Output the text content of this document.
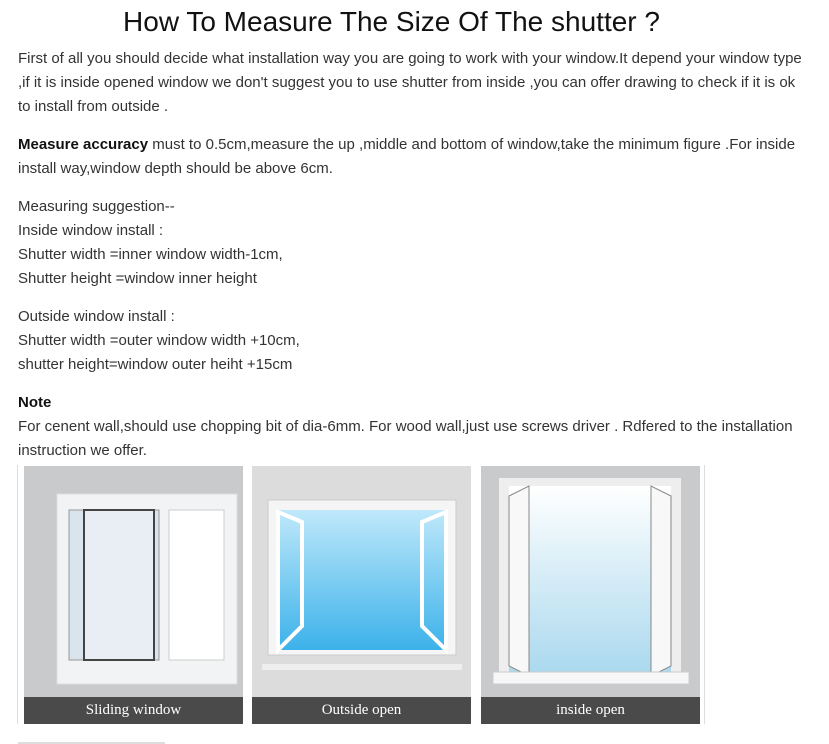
How To Measure The Size Of The shutter ?

First of all you should decide what installation way you are going to work with your window.It depend your window type ,if it is inside opened window we don't suggest you to use shutter from inside ,you can offer drawing to check if it is ok to install from outside .

Measure accuracy must to 0.5cm,measure the up ,middle and bottom of window,take the minimum figure .For inside install way,window depth should be above 6cm.

Measuring suggestion--
Inside window install :
Shutter width =inner window width-1cm,
Shutter height =window inner height
Outside window install :
Shutter width =outer window width +10cm,
shutter height=window outer heiht +15cm
Note
For cenent wall,should use chopping bit of dia-6mm. For wood wall,just use screws driver . Rdfered to the installation instruction we offer.
Sliding window	Outside open	inside open
